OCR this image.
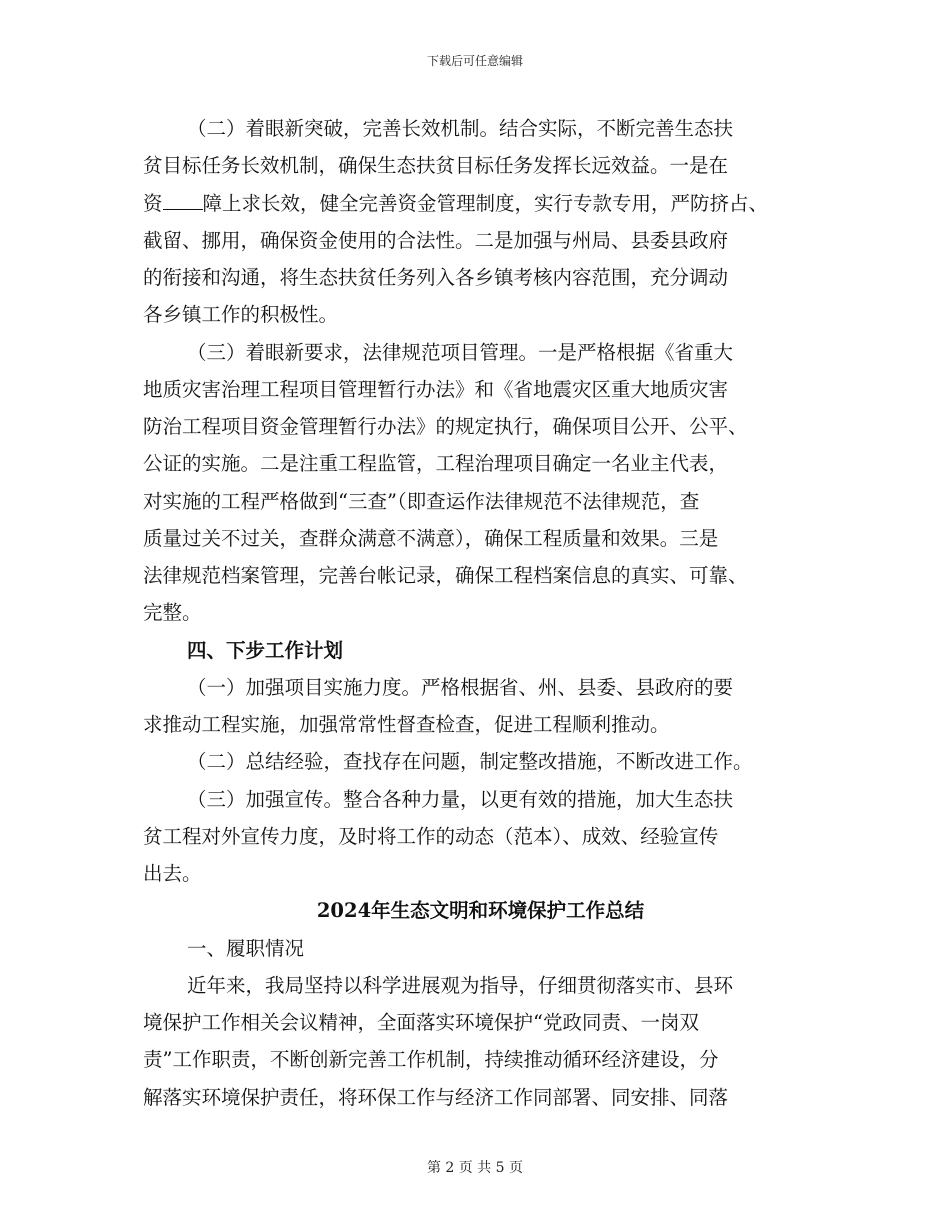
下载后可任意编辑
（二）着眼新突破，完善长效机制。结合实际，不断完善生态扶
贫目标任务长效机制，确保生态扶贫目标任务发挥长远效益。一是在
资 障上求长效，健全完善资金管理制度，实行专款专用，严防挤占、
截留、挪用，确保资金使用的合法性。二是加强与州局、县委县政府
的衔接和沟通，将生态扶贫任务列入各乡镇考核内容范围，充分调动
各乡镇工作的积极性。
（三）着眼新要求，法律规范项目管理。一是严格根据《省重大
地质灾害治理工程项目管理暂行办法》和《省地震灾区重大地质灾害
防治工程项目资金管理暂行办法》的规定执行，确保项目公开、公平、
公证的实施。二是注重工程监管，工程治理项目确定一名业主代表，
对实施的工程严格做到“三查”（即查运作法律规范不法律规范，查
质量过关不过关，查群众满意不满意），确保工程质量和效果。三是
法律规范档案管理，完善台帐记录，确保工程档案信息的真实、可靠、
完整。
四、下步工作计划
（一）加强项目实施力度。严格根据省、州、县委、县政府的要
求推动工程实施，加强常常性督查检查，促进工程顺利推动。
（二）总结经验，查找存在问题，制定整改措施，不断改进工作。
（三）加强宣传。整合各种力量，以更有效的措施，加大生态扶
贫工程对外宣传力度，及时将工作的动态（范本）、成效、经验宣传
出去。
2024年生态文明和环境保护工作总结
一、履职情况
近年来，我局坚持以科学进展观为指导，仔细贯彻落实市、县环
境保护工作相关会议精神，全面落实环境保护“党政同责、一岗双
责”工作职责，不断创新完善工作机制，持续推动循环经济建设，分
解落实环境保护责任，将环保工作与经济工作同部署、同安排、同落
第 2 页 共 5 页
